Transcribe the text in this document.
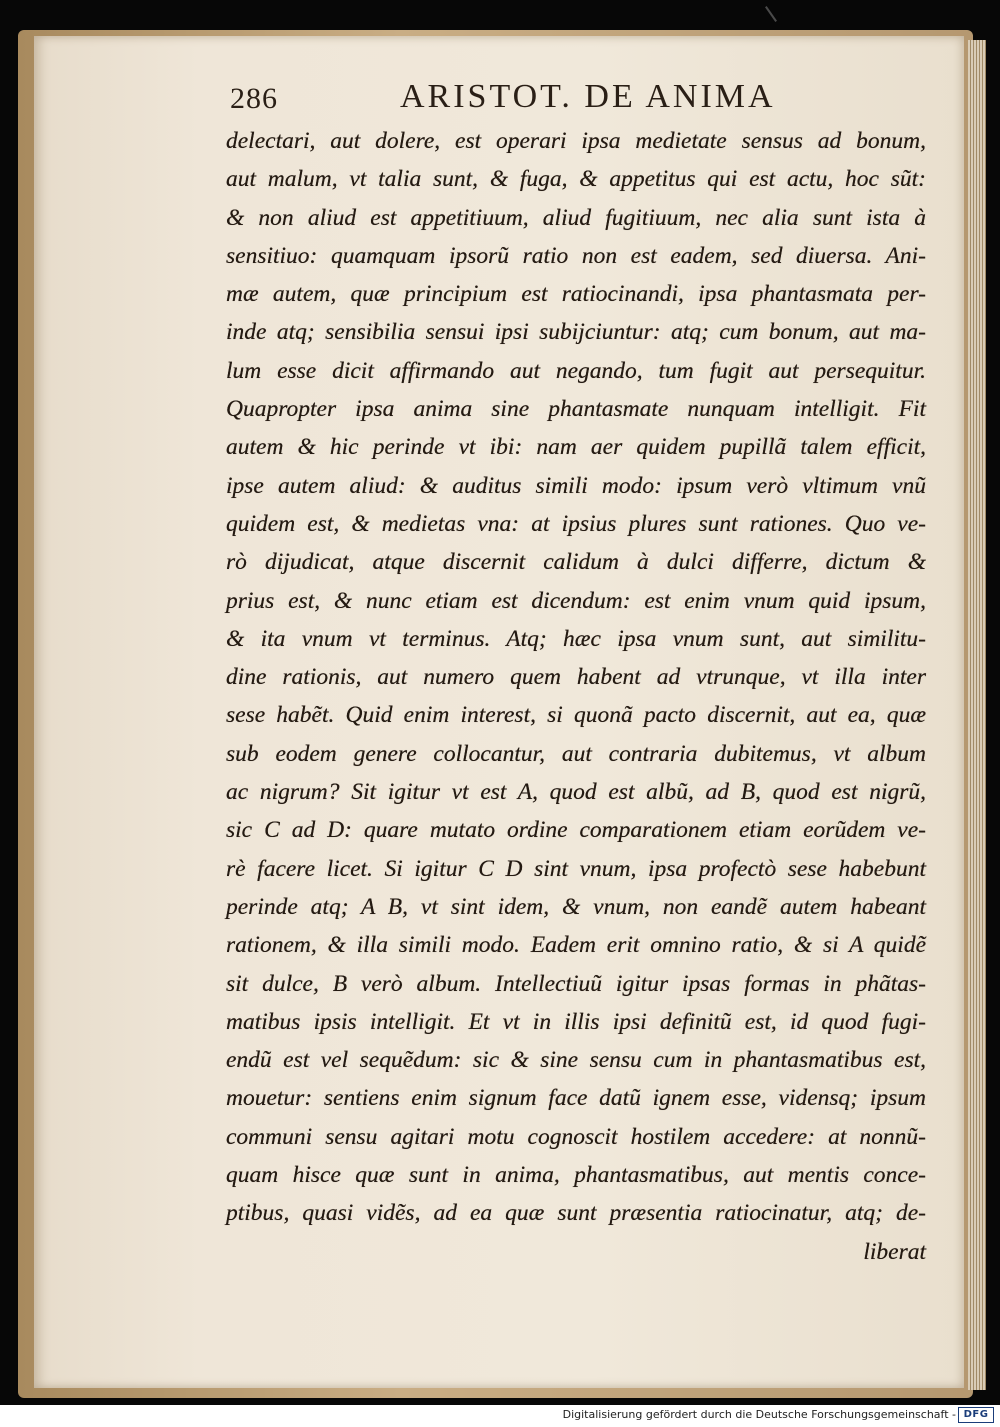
286	ARISTOT. DE ANIMA
delectari, aut dolere, est operari ipsa medietate sensus ad bonum,
aut malum, vt talia sunt, & fuga, & appetitus qui est actu, hoc sũt:
& non aliud est appetitiuum, aliud fugitiuum, nec alia sunt ista à
sensitiuo: quamquam ipsorũ ratio non est eadem, sed diuersa. Ani-
mæ autem, quæ principium est ratiocinandi, ipsa phantasmata per-
inde atq; sensibilia sensui ipsi subijciuntur: atq; cum bonum, aut ma-
lum esse dicit affirmando aut negando, tum fugit aut persequitur.
Quapropter ipsa anima sine phantasmate nunquam intelligit. Fit
autem & hic perinde vt ibi: nam aer quidem pupillã talem efficit,
ipse autem aliud: & auditus simili modo: ipsum verò vltimum vnũ
quidem est, & medietas vna: at ipsius plures sunt rationes. Quo ve-
rò dijudicat, atque discernit calidum à dulci differre, dictum &
prius est, & nunc etiam est dicendum: est enim vnum quid ipsum,
& ita vnum vt terminus. Atq; hæc ipsa vnum sunt, aut similitu-
dine rationis, aut numero quem habent ad vtrunque, vt illa inter
sese habẽt. Quid enim interest, si quonã pacto discernit, aut ea, quæ
sub eodem genere collocantur, aut contraria dubitemus, vt album
ac nigrum? Sit igitur vt est A, quod est albũ, ad B, quod est nigrũ,
sic C ad D: quare mutato ordine comparationem etiam eorũdem ve-
rè facere licet. Si igitur C D sint vnum, ipsa profectò sese habebunt
perinde atq; A B, vt sint idem, & vnum, non eandẽ autem habeant
rationem, & illa simili modo. Eadem erit omnino ratio, & si A quidẽ
sit dulce, B verò album. Intellectiuũ igitur ipsas formas in phãtas-
matibus ipsis intelligit. Et vt in illis ipsi definitũ est, id quod fugi-
endũ est vel sequẽdum: sic & sine sensu cum in phantasmatibus est,
mouetur: sentiens enim signum face datũ ignem esse, vidensq; ipsum
communi sensu agitari motu cognoscit hostilem accedere: at nonnũ-
quam hisce quæ sunt in anima, phantasmatibus, aut mentis conce-
ptibus, quasi vidẽs, ad ea quæ sunt præsentia ratiocinatur, atq; de-
liberat
Digitalisierung gefördert durch die Deutsche Forschungsgemeinschaft - DFG
